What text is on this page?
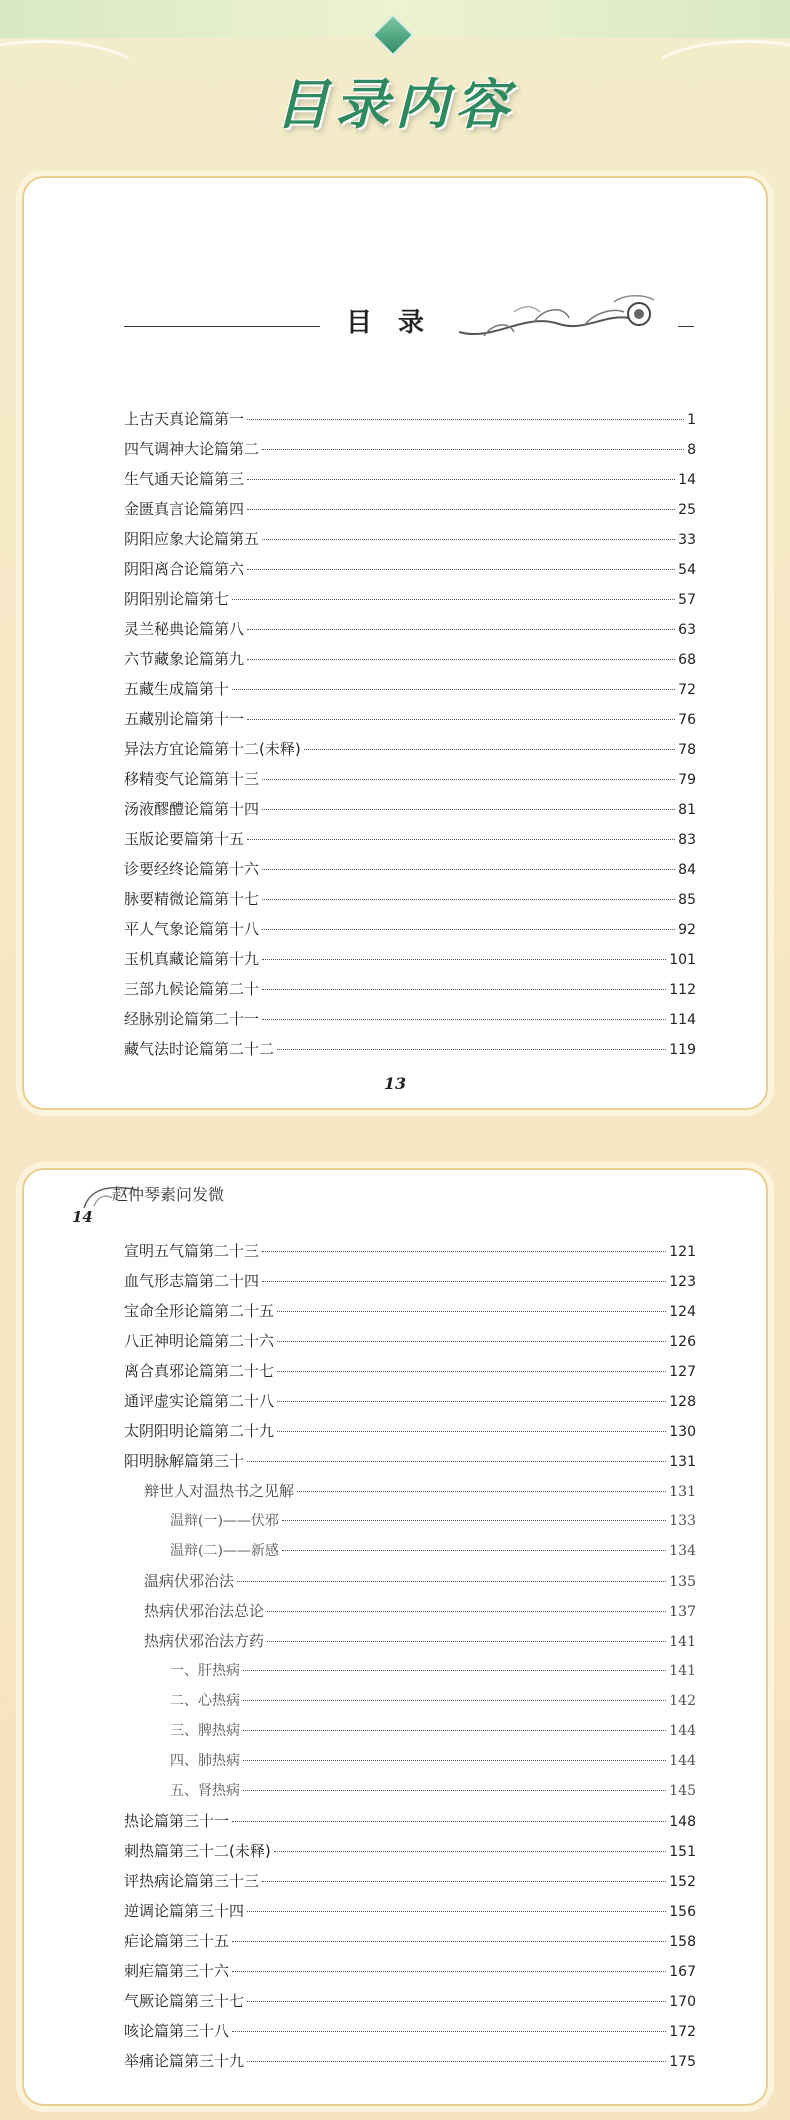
目录内容
目　录
上古天真论篇第一	1
四气调神大论篇第二	8
生气通天论篇第三	14
金匮真言论篇第四	25
阴阳应象大论篇第五	33
阴阳离合论篇第六	54
阴阳别论篇第七	57
灵兰秘典论篇第八	63
六节藏象论篇第九	68
五藏生成篇第十	72
五藏别论篇第十一	76
异法方宜论篇第十二(未释)	78
移精变气论篇第十三	79
汤液醪醴论篇第十四	81
玉版论要篇第十五	83
诊要经终论篇第十六	84
脉要精微论篇第十七	85
平人气象论篇第十八	92
玉机真藏论篇第十九	101
三部九候论篇第二十	112
经脉别论篇第二十一	114
藏气法时论篇第二十二	119
13
赵仲琴素问发微
14
宣明五气篇第二十三	121
血气形志篇第二十四	123
宝命全形论篇第二十五	124
八正神明论篇第二十六	126
离合真邪论篇第二十七	127
通评虚实论篇第二十八	128
太阴阳明论篇第二十九	130
阳明脉解篇第三十	131
辩世人对温热书之见解	131
温辩(一)——伏邪	133
温辩(二)——新感	134
温病伏邪治法	135
热病伏邪治法总论	137
热病伏邪治法方药	141
一、肝热病	141
二、心热病	142
三、脾热病	144
四、肺热病	144
五、肾热病	145
热论篇第三十一	148
刺热篇第三十二(未释)	151
评热病论篇第三十三	152
逆调论篇第三十四	156
疟论篇第三十五	158
刺疟篇第三十六	167
气厥论篇第三十七	170
咳论篇第三十八	172
举痛论篇第三十九	175
